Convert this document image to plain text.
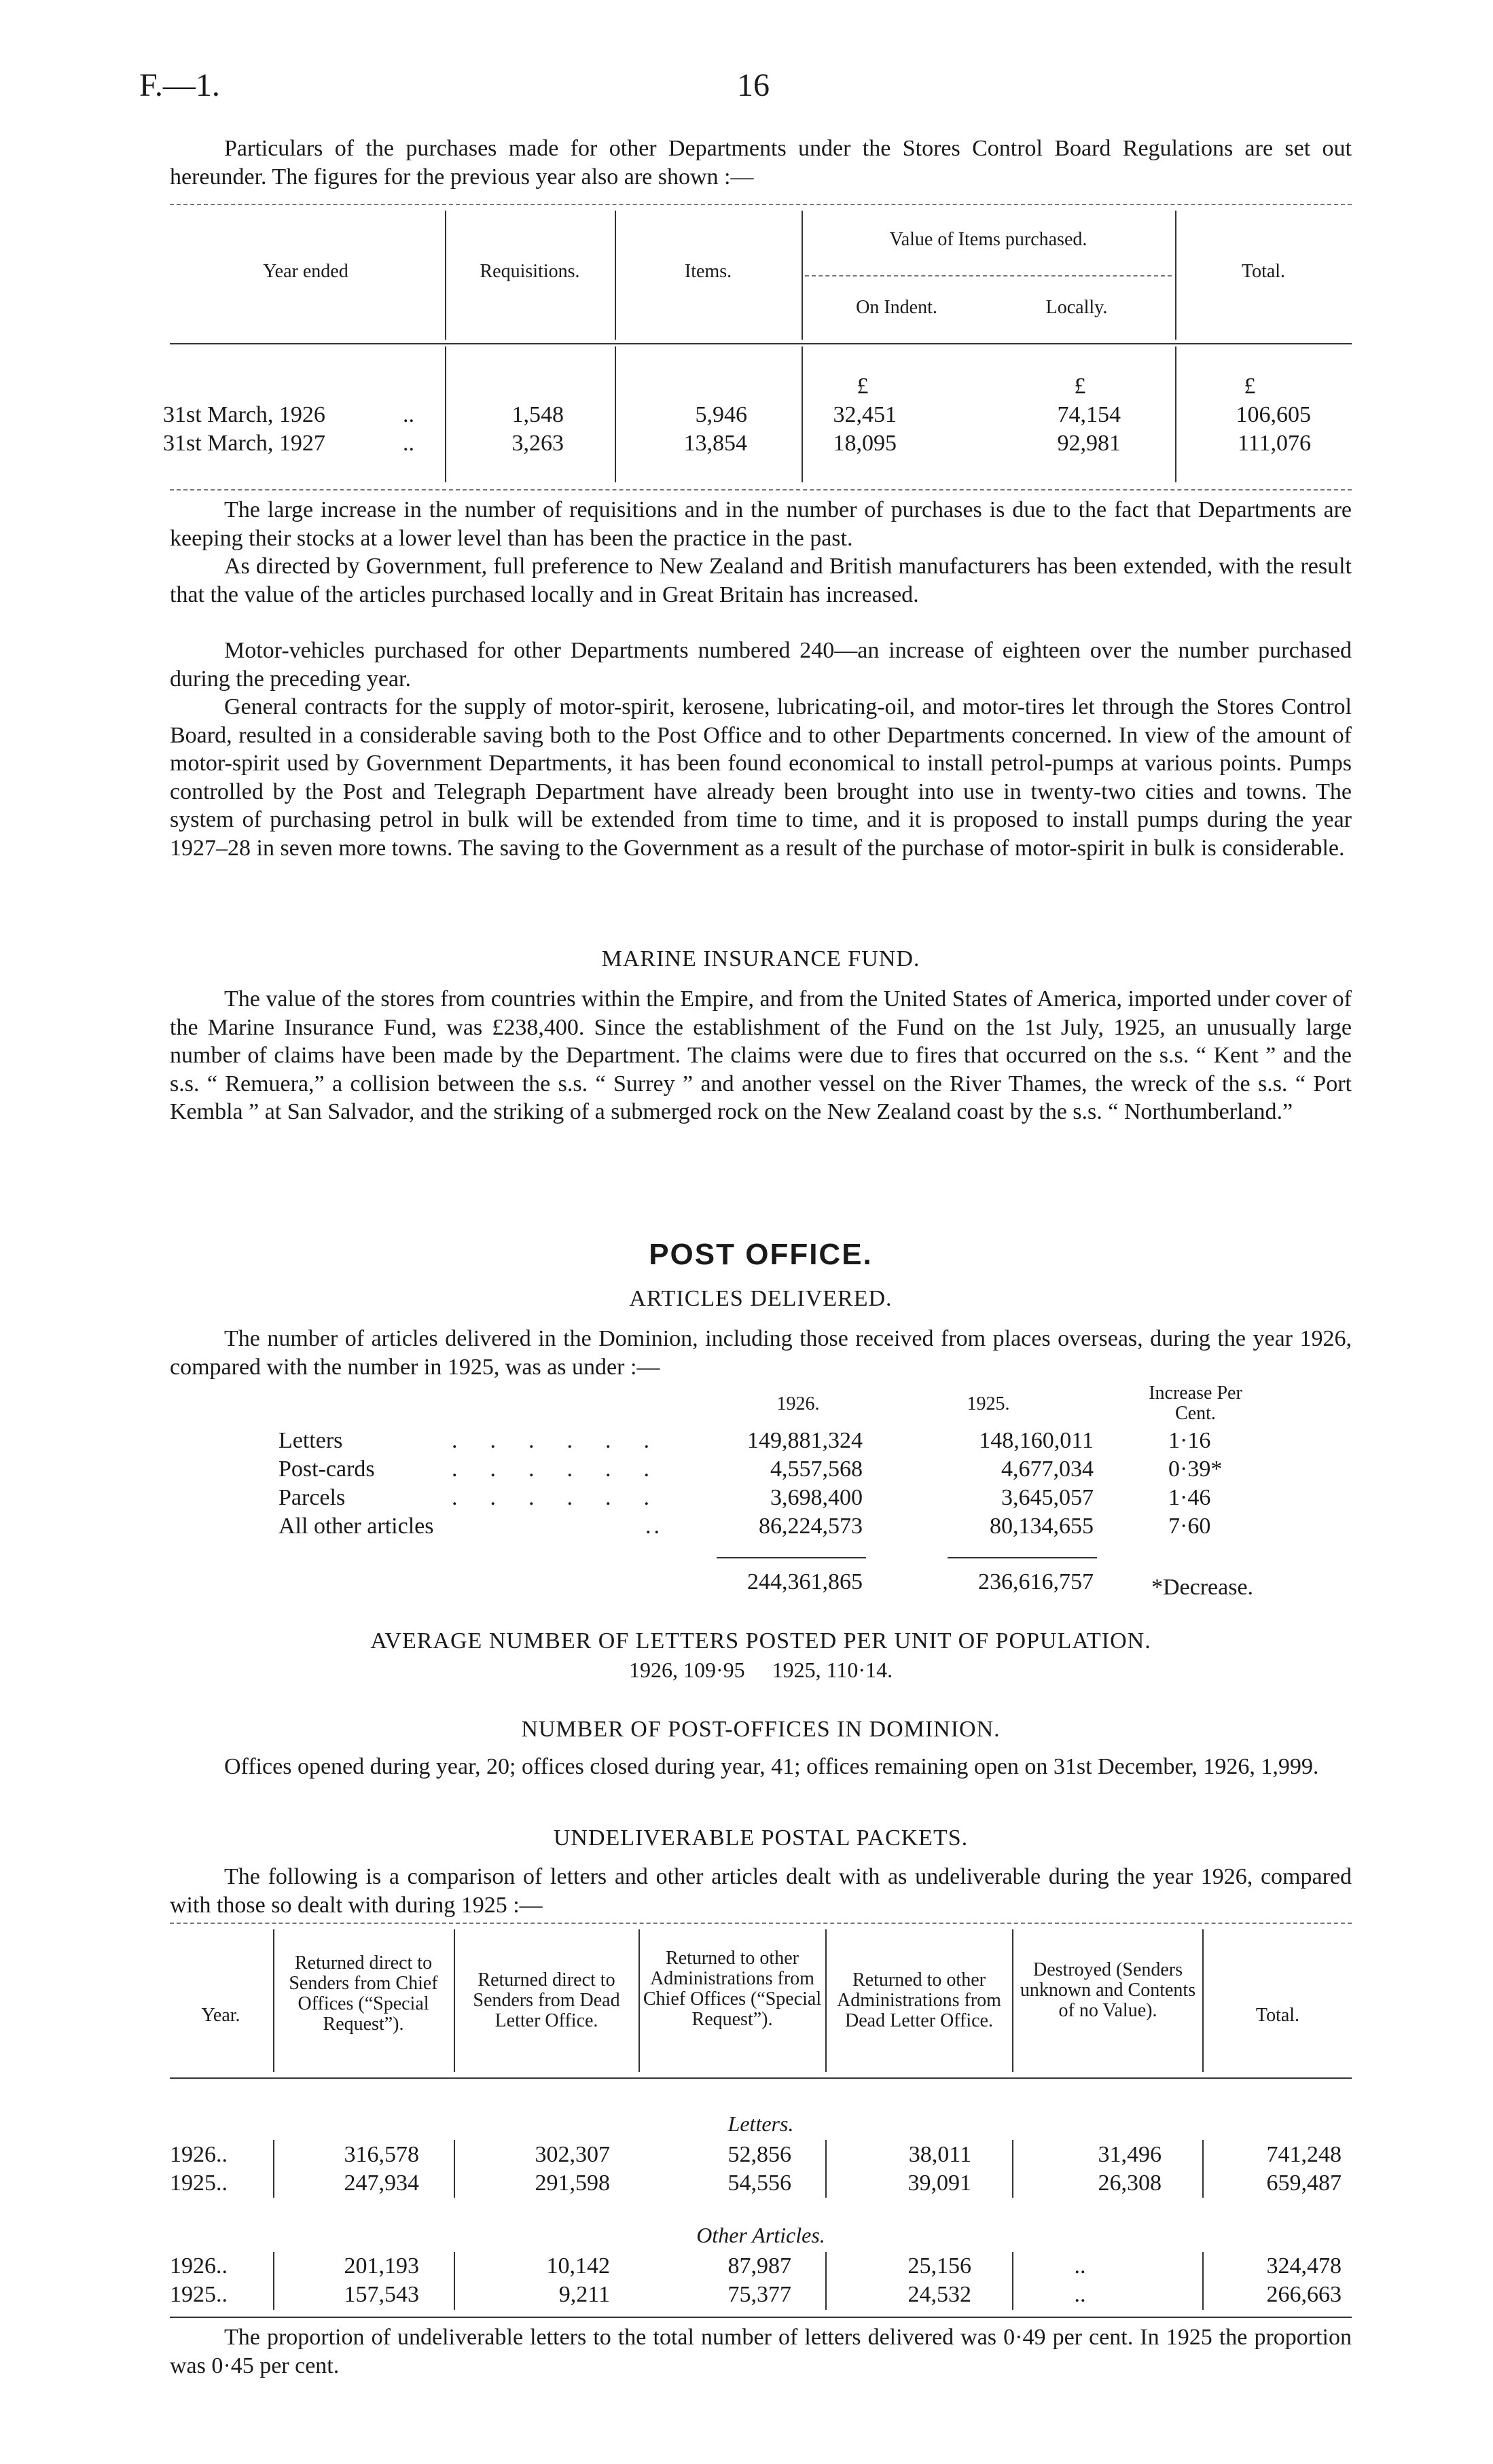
F.—1.	16
Particulars of the purchases made for other Departments under the Stores Control Board Regulations are set out hereunder. The figures for the previous year also are shown :—
Year ended	Requisitions.	Items.
Value of Items purchased.
On Indent.	Locally.
Total.
£	£	£
31st March, 1926	..	1,548	5,946	32,451	74,154	106,605
31st March, 1927	..	3,263	13,854	18,095	92,981	111,076
The large increase in the number of requisitions and in the number of purchases is due to the fact that Departments are keeping their stocks at a lower level than has been the practice in the past.
As directed by Government, full preference to New Zealand and British manufacturers has been extended, with the result that the value of the articles purchased locally and in Great Britain has increased.
Motor-vehicles purchased for other Departments numbered 240—an increase of eighteen over the number purchased during the preceding year.
General contracts for the supply of motor-spirit, kerosene, lubricating-oil, and motor-tires let through the Stores Control Board, resulted in a considerable saving both to the Post Office and to other Departments concerned. In view of the amount of motor-spirit used by Government Departments, it has been found economical to install petrol-pumps at various points. Pumps controlled by the Post and Telegraph Department have already been brought into use in twenty-two cities and towns. The system of purchasing petrol in bulk will be extended from time to time, and it is proposed to install pumps during the year 1927–28 in seven more towns. The saving to the Government as a result of the purchase of motor-spirit in bulk is considerable.
MARINE INSURANCE FUND.
The value of the stores from countries within the Empire, and from the United States of America, imported under cover of the Marine Insurance Fund, was £238,400. Since the establishment of the Fund on the 1st July, 1925, an unusually large number of claims have been made by the Department. The claims were due to fires that occurred on the s.s. “ Kent ” and the s.s. “ Remuera,” a collision between the s.s. “ Surrey ” and another vessel on the River Thames, the wreck of the s.s. “ Port Kembla ” at San Salvador, and the striking of a submerged rock on the New Zealand coast by the s.s. “ Northumberland.”
POST OFFICE.
ARTICLES DELIVERED.
The number of articles delivered in the Dominion, including those received from places overseas, during the year 1926, compared with the number in 1925, was as under :—
1926.	1925.
Increase Per Cent.
Letters	......	149,881,324	148,160,011	1·16
Post-cards	......	4,557,568	4,677,034	0·39*
Parcels	......	3,698,400	3,645,057	1·46
All other articles	..	86,224,573	80,134,655	7·60
244,361,865	236,616,757	*Decrease.
AVERAGE NUMBER OF LETTERS POSTED PER UNIT OF POPULATION.
1926, 109·95     1925, 110·14.
NUMBER OF POST-OFFICES IN DOMINION.
Offices opened during year, 20; offices closed during year, 41; offices remaining open on 31st December, 1926, 1,999.
UNDELIVERABLE POSTAL PACKETS.
The following is a comparison of letters and other articles dealt with as undeliverable during the year 1926, compared with those so dealt with during 1925 :—
Year.
Returned direct to Senders from Chief Offices (“Special Request”).
Returned direct to Senders from Dead Letter Office.
Returned to other Administrations from Chief Offices (“Special Request”).
Returned to other Administrations from Dead Letter Office.
Destroyed (Senders unknown and Contents of no Value).	Total.
Letters.
1926..	316,578	302,307	52,856	38,011	31,496	741,248
1925..	247,934	291,598	54,556	39,091	26,308	659,487
Other Articles.
1926..	201,193	10,142	87,987	25,156	..	324,478
1925..	157,543	9,211	75,377	24,532	..	266,663
The proportion of undeliverable letters to the total number of letters delivered was 0·49 per cent. In 1925 the proportion was 0·45 per cent.
